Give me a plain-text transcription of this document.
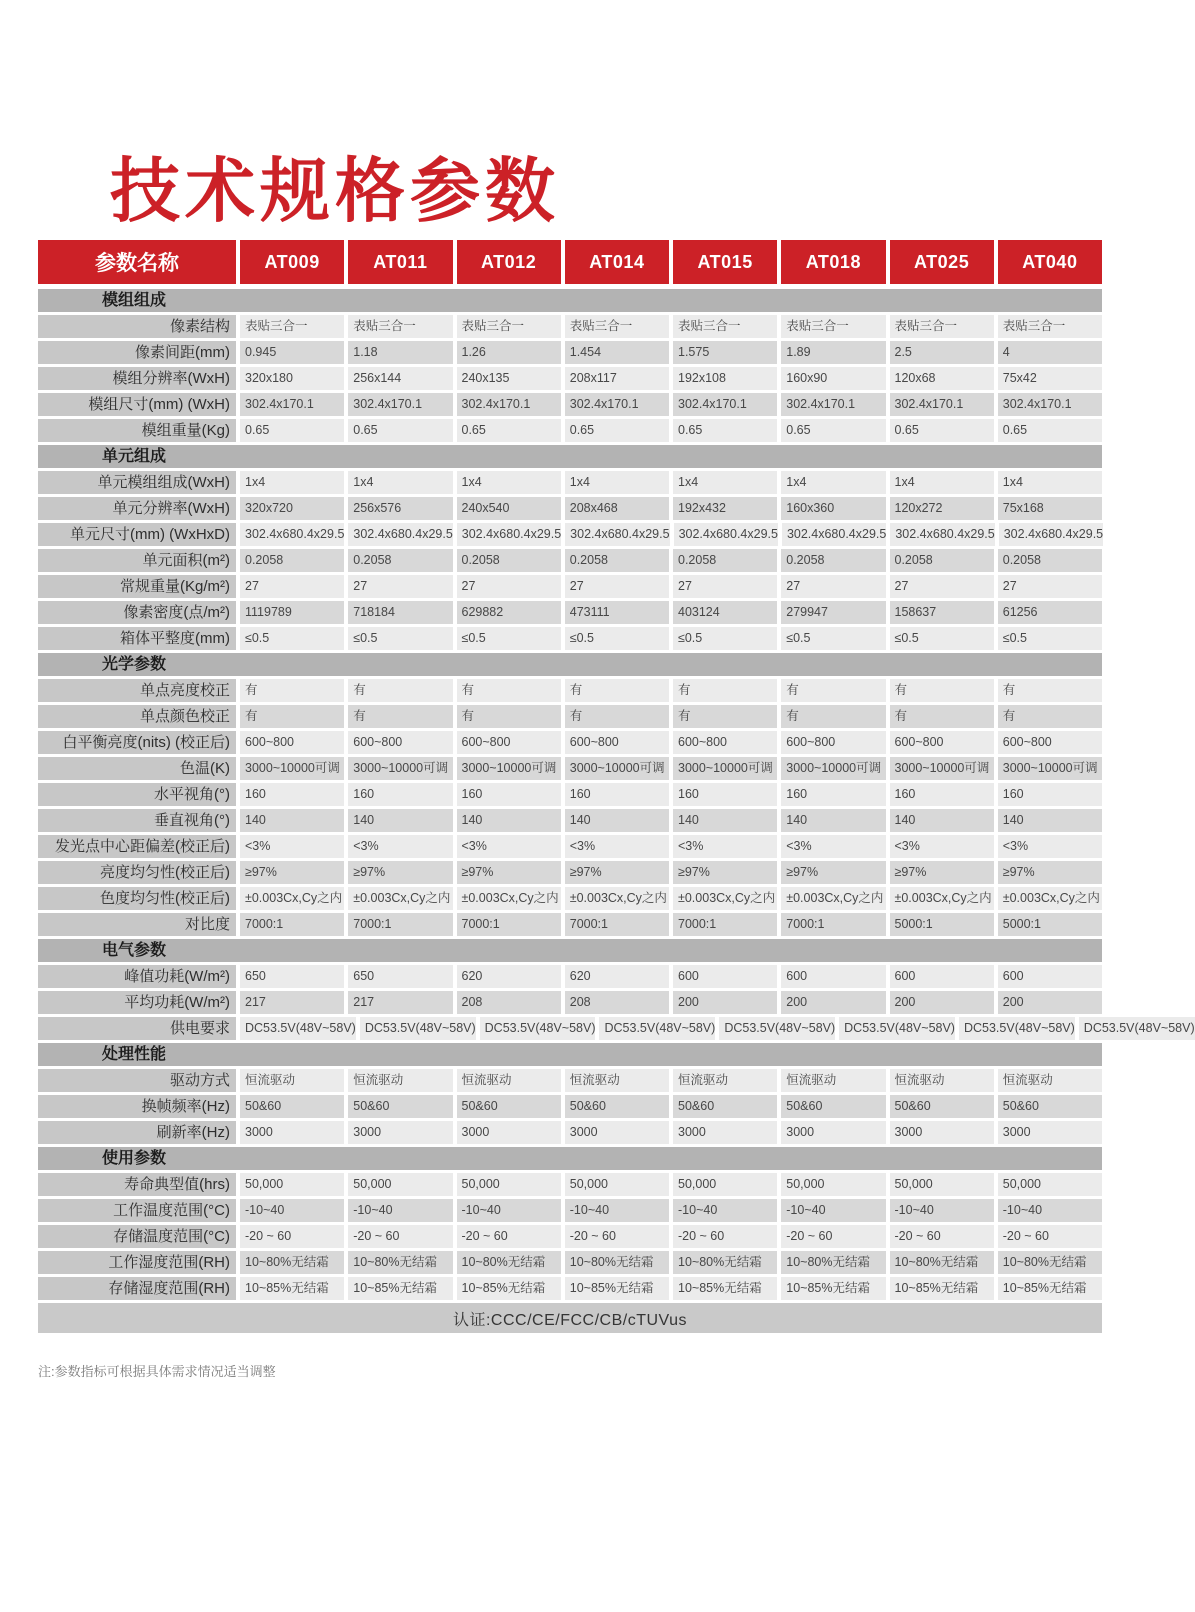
技术规格参数
参数名称	AT009	AT011	AT012	AT014	AT015	AT018	AT025	AT040
模组组成
像素结构	表贴三合一	表贴三合一	表贴三合一	表贴三合一	表贴三合一	表贴三合一	表贴三合一	表贴三合一
像素间距(mm)	0.945	1.18	1.26	1.454	1.575	1.89	2.5	4
模组分辨率(WxH)	320x180	256x144	240x135	208x117	192x108	160x90	120x68	75x42
模组尺寸(mm) (WxH)	302.4x170.1	302.4x170.1	302.4x170.1	302.4x170.1	302.4x170.1	302.4x170.1	302.4x170.1	302.4x170.1
模组重量(Kg)	0.65	0.65	0.65	0.65	0.65	0.65	0.65	0.65
单元组成
单元模组组成(WxH)	1x4	1x4	1x4	1x4	1x4	1x4	1x4	1x4
单元分辨率(WxH)	320x720	256x576	240x540	208x468	192x432	160x360	120x272	75x168
单元尺寸(mm) (WxHxD)	302.4x680.4x29.5 302.4x680.4x29.5 302.4x680.4x29.5 302.4x680.4x29.5 302.4x680.4x29.5 302.4x680.4x29.5 302.4x680.4x29.5 302.4x680.4x29.5
单元面积(m²)	0.2058	0.2058	0.2058	0.2058	0.2058	0.2058	0.2058	0.2058
常规重量(Kg/m²)	27	27	27	27	27	27	27	27
像素密度(点/m²)	1119789	718184	629882	473111	403124	279947	158637	61256
箱体平整度(mm)	≤0.5	≤0.5	≤0.5	≤0.5	≤0.5	≤0.5	≤0.5	≤0.5
光学参数
单点亮度校正	有	有	有	有	有	有	有	有
单点颜色校正	有	有	有	有	有	有	有	有
白平衡亮度(nits) (校正后)	600~800	600~800	600~800	600~800	600~800	600~800	600~800	600~800
色温(K)	3000~10000可调	3000~10000可调	3000~10000可调	3000~10000可调	3000~10000可调	3000~10000可调	3000~10000可调	3000~10000可调
水平视角(°)	160	160	160	160	160	160	160	160
垂直视角(°)	140	140	140	140	140	140	140	140
发光点中心距偏差(校正后)	<3%	<3%	<3%	<3%	<3%	<3%	<3%	<3%
亮度均匀性(校正后)	≥97%	≥97%	≥97%	≥97%	≥97%	≥97%	≥97%	≥97%
色度均匀性(校正后)	±0.003Cx,Cy之内 ±0.003Cx,Cy之内 ±0.003Cx,Cy之内 ±0.003Cx,Cy之内 ±0.003Cx,Cy之内 ±0.003Cx,Cy之内 ±0.003Cx,Cy之内 ±0.003Cx,Cy之内
对比度	7000:1	7000:1	7000:1	7000:1	7000:1	7000:1	5000:1	5000:1
电气参数
峰值功耗(W/m²)	650	650	620	620	600	600	600	600
平均功耗(W/m²)	217	217	208	208	200	200	200	200
供电要求	DC53.5V(48V~58V) DC53.5V(48V~58V) DC53.5V(48V~58V) DC53.5V(48V~58V) DC53.5V(48V~58V) DC53.5V(48V~58V) DC53.5V(48V~58V) DC53.5V(48V~58V)
处理性能
驱动方式	恒流驱动	恒流驱动	恒流驱动	恒流驱动	恒流驱动	恒流驱动	恒流驱动	恒流驱动
换帧频率(Hz)	50&60	50&60	50&60	50&60	50&60	50&60	50&60	50&60
刷新率(Hz)	3000	3000	3000	3000	3000	3000	3000	3000
使用参数
寿命典型值(hrs)	50,000	50,000	50,000	50,000	50,000	50,000	50,000	50,000
工作温度范围(°C)	-10~40	-10~40	-10~40	-10~40	-10~40	-10~40	-10~40	-10~40
存储温度范围(°C)	-20 ~ 60	-20 ~ 60	-20 ~ 60	-20 ~ 60	-20 ~ 60	-20 ~ 60	-20 ~ 60	-20 ~ 60
工作湿度范围(RH)	10~80%无结霜	10~80%无结霜	10~80%无结霜	10~80%无结霜	10~80%无结霜	10~80%无结霜	10~80%无结霜	10~80%无结霜
存储湿度范围(RH)	10~85%无结霜	10~85%无结霜	10~85%无结霜	10~85%无结霜	10~85%无结霜	10~85%无结霜	10~85%无结霜	10~85%无结霜
认证:CCC/CE/FCC/CB/cTUVus

注:参数指标可根据具体需求情况适当调整
